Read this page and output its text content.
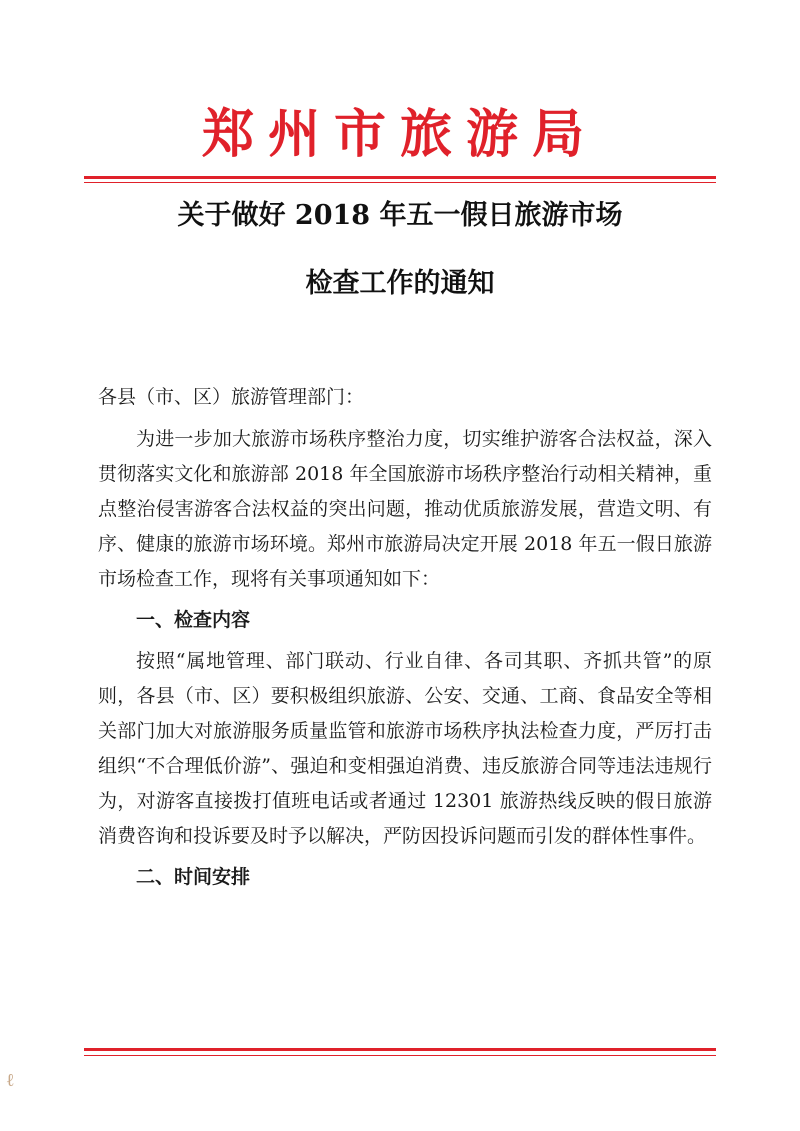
郑州市旅游局
关于做好 2018 年五一假日旅游市场
检查工作的通知
各县（市、区）旅游管理部门：

为进一步加大旅游市场秩序整治力度，切实维护游客合法权益，深入贯彻落实文化和旅游部 2018 年全国旅游市场秩序整治行动相关精神，重点整治侵害游客合法权益的突出问题，推动优质旅游发展，营造文明、有序、健康的旅游市场环境。郑州市旅游局决定开展 2018 年五一假日旅游市场检查工作，现将有关事项通知如下：

一、检查内容

按照“属地管理、部门联动、行业自律、各司其职、齐抓共管”的原则，各县（市、区）要积极组织旅游、公安、交通、工商、食品安全等相关部门加大对旅游服务质量监管和旅游市场秩序执法检查力度，严厉打击组织“不合理低价游”、强迫和变相强迫消费、违反旅游合同等违法违规行为，对游客直接拨打值班电话或者通过 12301 旅游热线反映的假日旅游消费咨询和投诉要及时予以解决，严防因投诉问题而引发的群体性事件。

二、时间安排

ℓ
